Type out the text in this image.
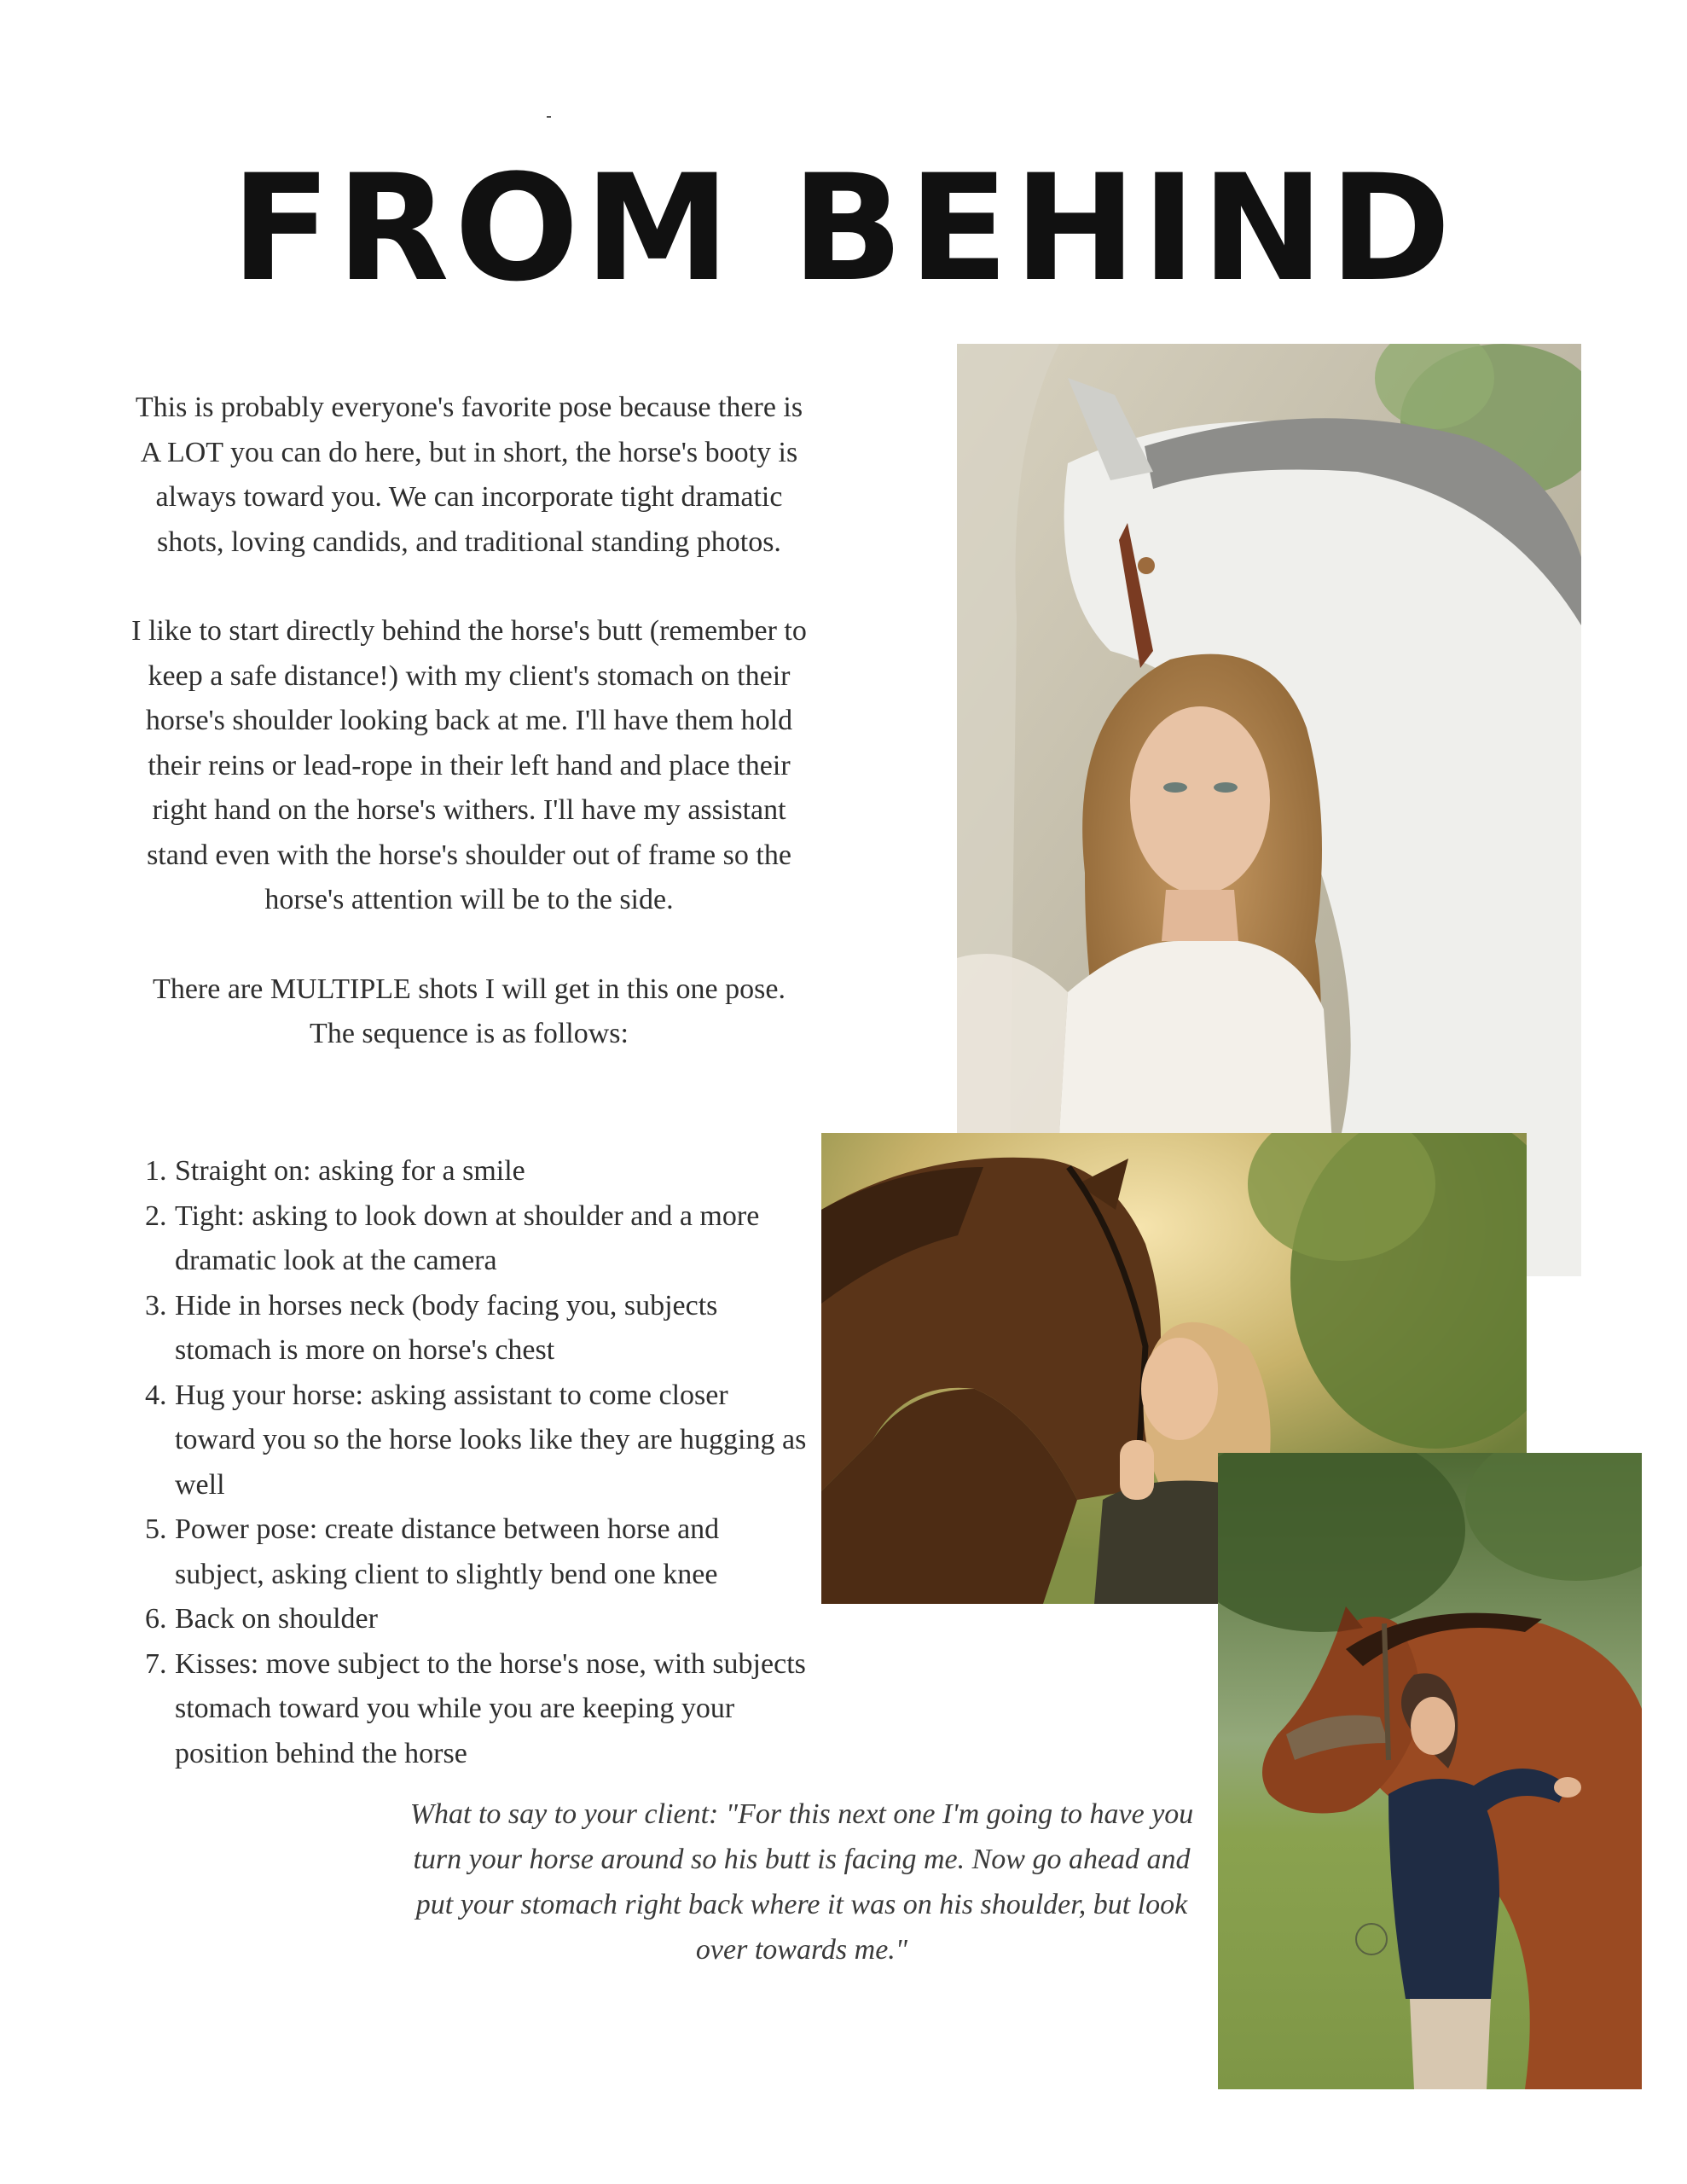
FROM BEHIND

This is probably everyone's favorite pose because there is A LOT you can do here, but in short, the horse's booty is always toward you. We can incorporate tight dramatic shots, loving candids, and traditional standing photos.

I like to start directly behind the horse's butt (remember to keep a safe distance!) with my client's stomach on their horse's shoulder looking back at me. I'll have them hold their reins or lead-rope in their left hand and place their right hand on the horse's withers. I'll have my assistant stand even with the horse's shoulder out of frame so the horse's attention will be to the side.

There are MULTIPLE shots I will get in this one pose. The sequence is as follows:

1. Straight on: asking for a smile
2. Tight: asking to look down at shoulder and a more dramatic look at the camera
3. Hide in horses neck (body facing you, subjects stomach is more on horse's chest
4. Hug your horse: asking assistant to come closer toward you so the horse looks like they are hugging as well
5. Power pose: create distance between horse and subject, asking client to slightly bend one knee
6. Back on shoulder
7. Kisses: move subject to the horse's nose, with subjects stomach toward you while you are keeping your position behind the horse

What to say to your client: "For this next one I'm going to have you turn your horse around so his butt is facing me. Now go ahead and put your stomach right back where it was on his shoulder, but look over towards me."
